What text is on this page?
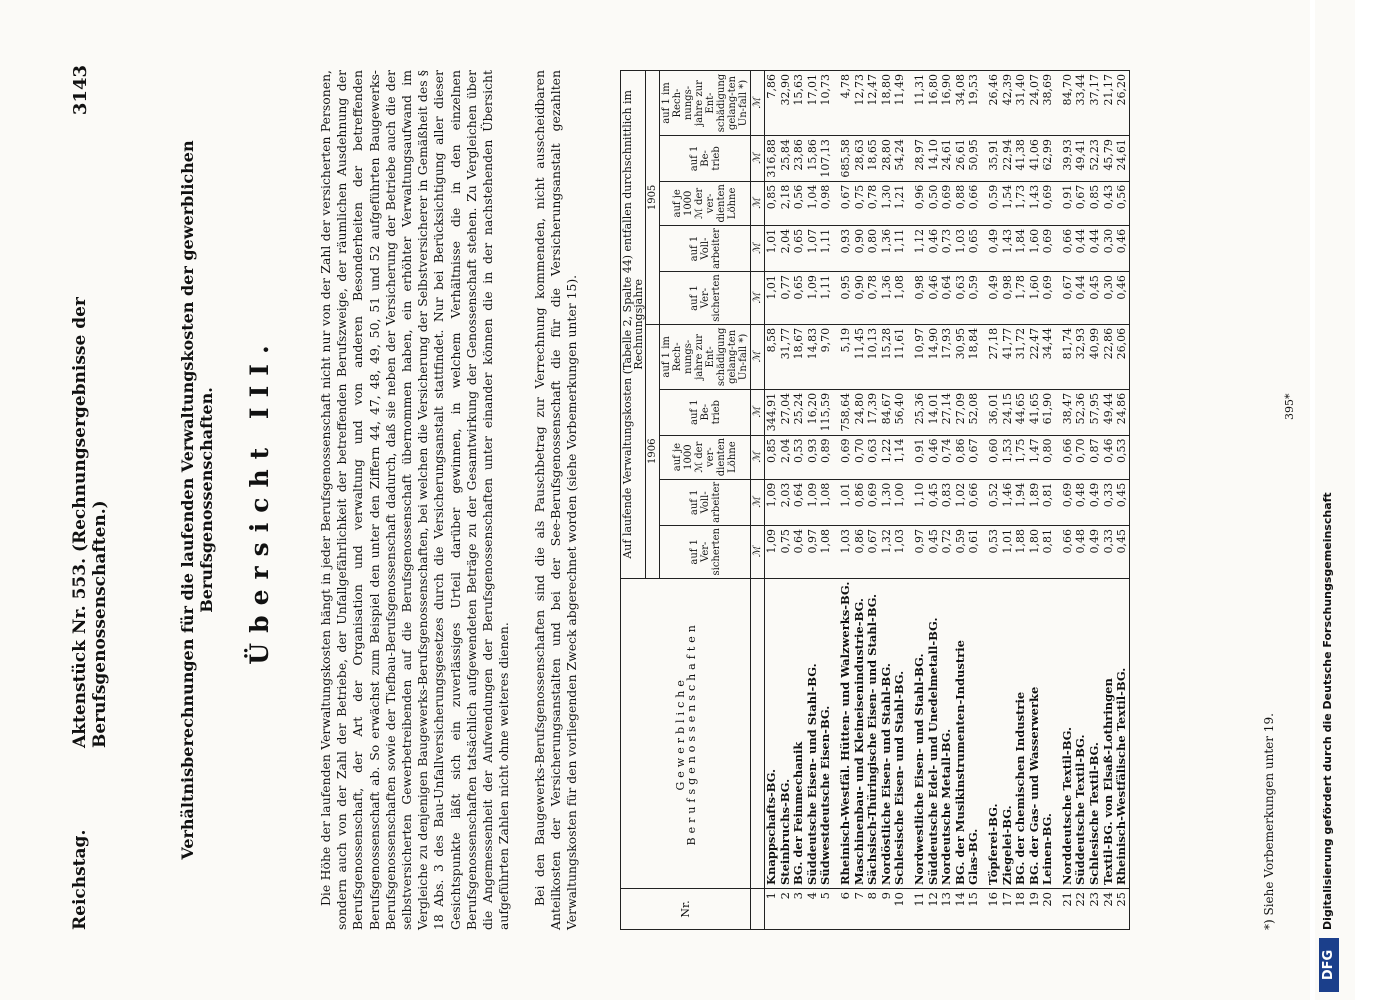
Reichstag.
Aktenstück Nr. 553. (Rechnungsergebnisse der Berufsgenossenschaften.)
3143
Verhältnisberechnungen für die laufenden Verwaltungskosten der gewerblichen Berufsgenossenschaften. Übersicht III.	Die Höhe der laufenden Verwaltungskosten hängt in jeder Berufsgenossenschaft nicht nur von der Zahl der versicherten Personen, sondern auch von der Zahl der Betriebe, der Unfallgefährlichkeit der betreffenden Berufszweige, der räumlichen Ausdehnung der Berufsgenossenschaft, der Art der Organisation und verwaltung und von anderen Besonderheiten der betreffenden Berufsgenossenschaft ab. So erwächst zum Beispiel den unter den Ziffern 44, 47, 48, 49, 50, 51 und 52 aufgeführten Baugewerks-Berufsgenossenschaften sowie der Tiefbau-Berufsgenossenschaft dadurch, daß sie neben der Versicherung der Betriebe auch die der selbstversicherten Gewerbetreibenden auf die Berufsgenossenschaft übernommen haben, ein erhöhter Verwaltungsaufwand im Vergleiche zu denjenigen Baugewerks-Berufsgenossenschaften, bei welchen die Versicherung der Selbstversicherer in Gemäßheit des § 18 Abs. 3 des Bau-Unfallversicherungsgesetzes durch die Versicherungsanstalt stattfindet. Nur bei Berücksichtigung aller dieser Gesichtspunkte läßt sich ein zuverlässiges Urteil darüber gewinnen, in welchem Verhältnisse die in den einzelnen Berufsgenossenschaften tatsächlich aufgewendeten Beträge zu der Gesamtwirkung der Genossenschaft stehen. Zu Vergleichen über die Angemessenheit der Aufwendungen der Berufsgenossenschaften unter einander können die in der nachstehenden Übersicht aufgeführten Zahlen nicht ohne weiteres dienen. Bei den Baugewerks-Berufsgenossenschaften sind die als Pauschbetrag zur Verrechnung kommenden, nicht ausscheidbaren Anteilkosten der Versicherungsanstalten und bei der See-Berufsgenossenschaft die für die Versicherungsanstalt gezahlten Verwaltungskosten für den vorliegenden Zweck abgerechnet worden (siehe Vorbemerkungen unter 15).	Nr.	Gewerbliche
Berufsgenossenschaften	Auf laufende Verwaltungskosten (Tabelle 2, Spalte 44) entfallen durchschnittlich im Rechnungsjahre									
		1906					1905				
		auf 1 Ver-sicherten	auf 1 Voll-arbeiter	auf je 1000 ℳ der ver-dienten Löhne	auf 1 Be-trieb	auf 1 im Rech-nungs-jahre zur Ent-schädigung gelang-ten Un-fall *)	auf 1 Ver-sicherten	auf 1 Voll-arbeiter	auf je 1000 ℳ der ver-dienten Löhne	auf 1 Be-trieb	auf 1 im Rech-nungs-jahre zur Ent-schädigung gelang-ten Un-fall *)
		ℳ	ℳ	ℳ	ℳ	ℳ	ℳ	ℳ	ℳ	ℳ	ℳ
1	Knappschafts-BG.	1,09	1,09	0,85	344,91	8,58	1,01	1,01	0,85	316,88	7,86
2	Steinbruchs-BG.	0,75	2,03	2,04	27,04	31,77	0,77	2,04	2,18	25,84	32,90
3	BG. der Feinmechanik	0,64	0,64	0,53	25,24	18,67	0,65	0,65	0,56	23,86	15,63
4	Süddeutsche Eisen- und Stahl-BG.	0,97	1,09	0,93	16,20	14,83	1,09	1,07	1,04	15,86	17,01
5	Südwestdeutsche Eisen-BG.	1,08	1,08	0,89	115,59	9,70	1,11	1,11	0,98	107,13	10,73

6	Rheinisch-Westfäl. Hütten- und Walzwerks-BG.	1,03	1,01	0,69	758,64	5,19	0,95	0,93	0,67	685,58	4,78
7	Maschinenbau- und Kleineisenindustrie-BG.	0,86	0,86	0,70	24,80	11,45	0,90	0,90	0,75	28,63	12,73
8	Sächsisch-Thüringische Eisen- und Stahl-BG.	0,67	0,69	0,63	17,39	10,13	0,78	0,80	0,78	18,65	12,47
9	Nordöstliche Eisen- und Stahl-BG.	1,32	1,30	1,22	84,67	15,28	1,36	1,36	1,30	28,80	18,80
10	Schlesische Eisen- und Stahl-BG.	1,03	1,00	1,14	56,40	11,61	1,08	1,11	1,21	54,24	11,49

11	Nordwestliche Eisen- und Stahl-BG.	0,97	1,10	0,91	25,36	10,97	0,98	1,12	0,96	28,97	11,31
12	Süddeutsche Edel- und Unedelmetall-BG.	0,45	0,45	0,46	14,01	14,90	0,46	0,46	0,50	14,10	16,80
13	Nordeutsche Metall-BG.	0,72	0,83	0,74	27,14	17,93	0,64	0,73	0,69	24,61	16,90
14	BG. der Musikinstrumenten-Industrie	0,59	1,02	0,86	27,09	30,95	0,63	1,03	0,88	26,61	34,08
15	Glas-BG.	0,61	0,66	0,67	52,08	18,84	0,59	0,65	0,66	50,95	19,53

16	Töpferei-BG.	0,53	0,52	0,60	36,01	27,18	0,49	0,49	0,59	35,91	26,46
17	Ziegelei-BG.	1,01	1,46	1,53	24,15	41,77	0,98	1,43	1,54	22,94	42,39
18	BG. der chemischen Industrie	1,88	1,94	1,75	44,65	31,72	1,78	1,84	1,73	41,38	31,40
19	BG. der Gas- und Wasserwerke	1,80	1,89	1,47	41,65	22,47	1,60	1,60	1,43	41,06	24,07
20	Leinen-BG.	0,81	0,81	0,80	61,90	34,44	0,69	0,69	0,69	62,99	38,69

21	Norddeutsche Textil-BG.	0,66	0,69	0,66	38,47	81,74	0,67	0,66	0,91	39,93	84,70
22	Süddeutsche Textil-BG.	0,48	0,48	0,70	52,36	32,93	0,44	0,44	0,67	49,41	33,44
23	Schlesische Textil-BG.	0,49	0,49	0,87	57,95	40,99	0,45	0,44	0,85	52,23	37,17
24	Textil-BG. von Elsaß-Lothringen	0,33	0,33	0,46	49,44	22,86	0,30	0,30	0,43	45,79	21,17
25	Rheinisch-Westfälische Textil-BG.	0,45	0,45	0,53	24,86	26,06	0,46	0,46	0,56	24,61	26,20
*) Siehe Vorbemerkungen unter 19.
395*
DFG
Digitalisierung gefördert durch die Deutsche Forschungsgemeinschaft
